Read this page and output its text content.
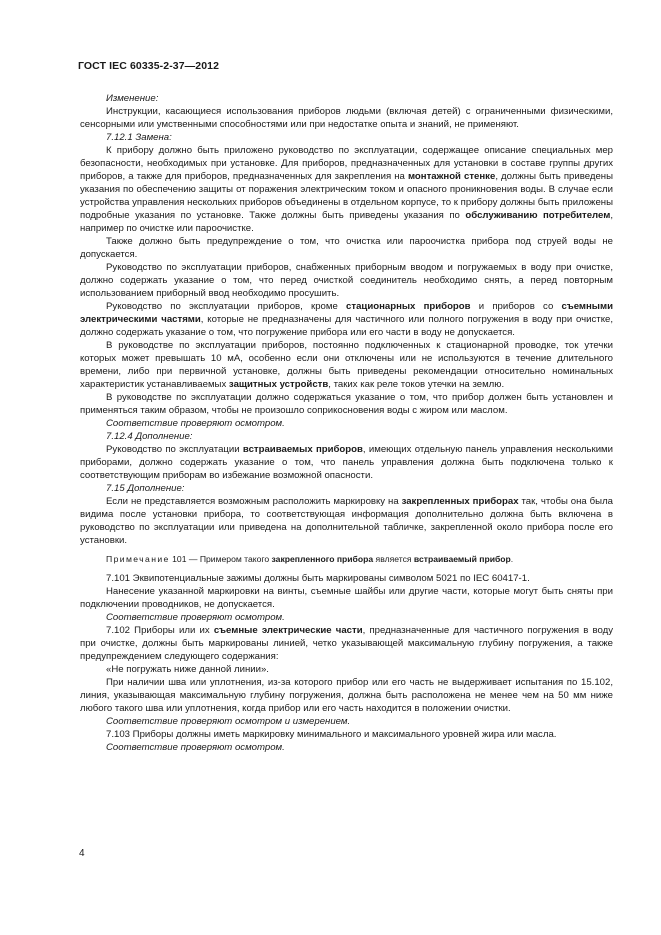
ГОСТ IEC 60335-2-37—2012

Изменение:

Инструкции, касающиеся использования приборов людьми (включая детей) с ограниченными физическими, сенсорными или умственными способностями или при недостатке опыта и знаний, не применяют.

7.12.1 Замена:

К прибору должно быть приложено руководство по эксплуатации, содержащее описание специальных мер безопасности, необходимых при установке. Для приборов, предназначенных для установки в составе группы других приборов, а также для приборов, предназначенных для закрепления на монтажной стенке, должны быть приведены указания по обеспечению защиты от поражения электрическим током и опасного проникновения воды. В случае если устройства управления нескольких приборов объединены в отдельном корпусе, то к прибору должны быть приложены подробные указания по установке. Также должны быть приведены указания по обслуживанию потребителем, например по очистке или пароочистке.

Также должно быть предупреждение о том, что очистка или пароочистка прибора под струей воды не допускается.

Руководство по эксплуатации приборов, снабженных приборным вводом и погружаемых в воду при очистке, должно содержать указание о том, что перед очисткой соединитель необходимо снять, а перед повторным использованием приборный ввод необходимо просушить.

Руководство по эксплуатации приборов, кроме стационарных приборов и приборов со съемными электрическими частями, которые не предназначены для частичного или полного погружения в воду при очистке, должно содержать указание о том, что погружение прибора или его части в воду не допускается.

В руководстве по эксплуатации приборов, постоянно подключенных к стационарной проводке, ток утечки которых может превышать 10 мА, особенно если они отключены или не используются в течение длительного времени, либо при первичной установке, должны быть приведены рекомендации относительно номинальных характеристик устанавливаемых защитных устройств, таких как реле токов утечки на землю.

В руководстве по эксплуатации должно содержаться указание о том, что прибор должен быть установлен и применяться таким образом, чтобы не произошло соприкосновения воды с жиром или маслом.

Соответствие проверяют осмотром.

7.12.4 Дополнение:

Руководство по эксплуатации встраиваемых приборов, имеющих отдельную панель управления несколькими приборами, должно содержать указание о том, что панель управления должна быть подключена только к соответствующим приборам во избежание возможной опасности.

7.15 Дополнение:

Если не представляется возможным расположить маркировку на закрепленных приборах так, чтобы она была видима после установки прибора, то соответствующая информация дополнительно должна быть включена в руководство по эксплуатации или приведена на дополнительной табличке, закрепленной около прибора после его установки.

Примечание 101 — Примером такого закрепленного прибора является встраиваемый прибор.

7.101 Эквипотенциальные зажимы должны быть маркированы символом 5021 по IEC 60417-1.

Нанесение указанной маркировки на винты, съемные шайбы или другие части, которые могут быть сняты при подключении проводников, не допускается.

Соответствие проверяют осмотром.

7.102 Приборы или их съемные электрические части, предназначенные для частичного погружения в воду при очистке, должны быть маркированы линией, четко указывающей максимальную глубину погружения, а также предупреждением следующего содержания:

«Не погружать ниже данной линии».

При наличии шва или уплотнения, из-за которого прибор или его часть не выдерживает испытания по 15.102, линия, указывающая максимальную глубину погружения, должна быть расположена не менее чем на 50 мм ниже любого такого шва или уплотнения, когда прибор или его часть находится в положении очистки.

Соответствие проверяют осмотром и измерением.

7.103 Приборы должны иметь маркировку минимального и максимального уровней жира или масла.

Соответствие проверяют осмотром.

4
